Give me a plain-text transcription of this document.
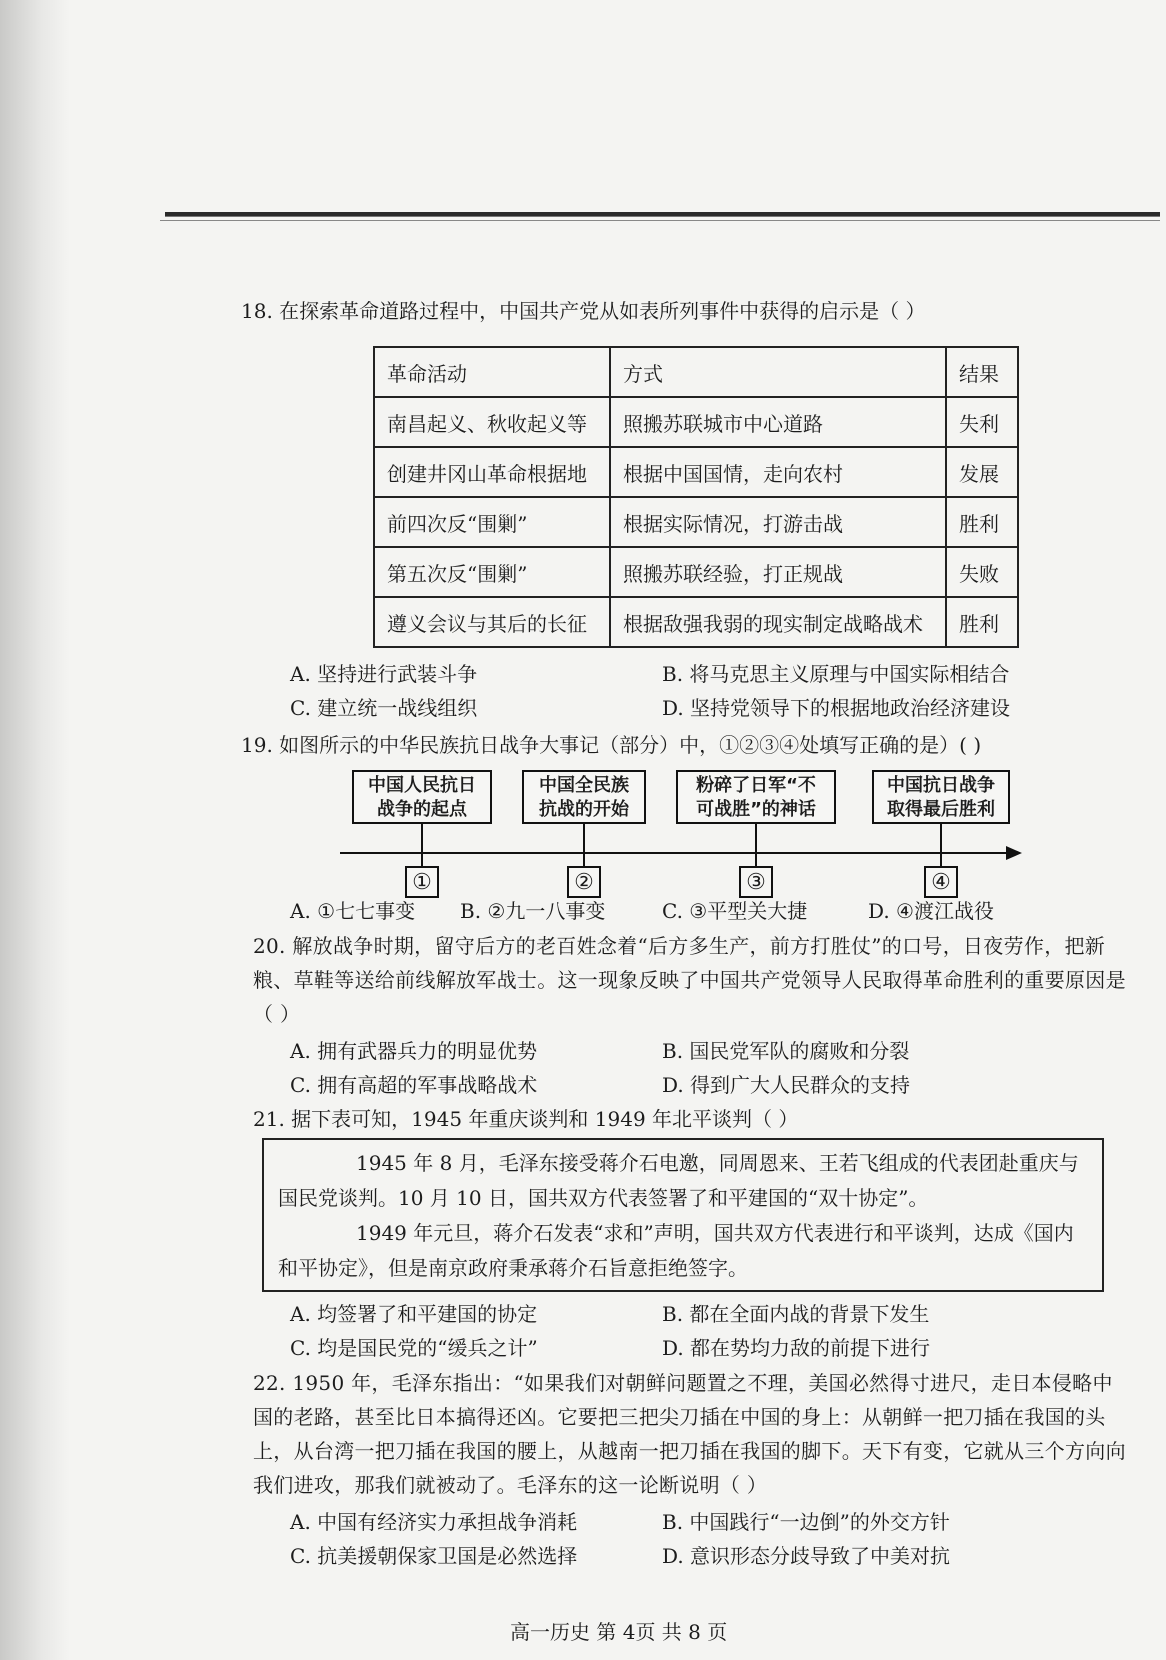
18. 在探索革命道路过程中，中国共产党从如表所列事件中获得的启示是（ ）
革命活动	方式	结果
南昌起义、秋收起义等	照搬苏联城市中心道路	失利
创建井冈山革命根据地	根据中国国情，走向农村	发展
前四次反“围剿”	根据实际情况，打游击战	胜利
第五次反“围剿”	照搬苏联经验，打正规战	失败
遵义会议与其后的长征	根据敌强我弱的现实制定战略战术	胜利
A. 坚持进行武装斗争	B. 将马克思主义原理与中国实际相结合
C. 建立统一战线组织	D. 坚持党领导下的根据地政治经济建设
19. 如图所示的中华民族抗日战争大事记（部分）中，①②③④处填写正确的是）( )
中国人民抗日
战争的起点
中国全民族
抗战的开始
粉碎了日军“不
可战胜”的神话
中国抗日战争
取得最后胜利
①	②	③	④
A. ①七七事变 B. ②九一八事变	C. ③平型关大捷	D. ④渡江战役
20. 解放战争时期，留守后方的老百姓念着“后方多生产，前方打胜仗”的口号，日夜劳作，把新粮、草鞋等送给前线解放军战士。这一现象反映了中国共产党领导人民取得革命胜利的重要原因是（ ）
A. 拥有武器兵力的明显优势	B. 国民党军队的腐败和分裂
C. 拥有高超的军事战略战术	D. 得到广大人民群众的支持
21. 据下表可知，1945 年重庆谈判和 1949 年北平谈判（ ）
1945 年 8 月，毛泽东接受蒋介石电邀，同周恩来、王若飞组成的代表团赴重庆与国民党谈判。10 月 10 日，国共双方代表签署了和平建国的“双十协定”。
1949 年元旦，蒋介石发表“求和”声明，国共双方代表进行和平谈判，达成《国内和平协定》，但是南京政府秉承蒋介石旨意拒绝签字。
A. 均签署了和平建国的协定	B. 都在全面内战的背景下发生
C. 均是国民党的“缓兵之计”	D. 都在势均力敌的前提下进行
22. 1950 年，毛泽东指出：“如果我们对朝鲜问题置之不理，美国必然得寸进尺，走日本侵略中国的老路，甚至比日本搞得还凶。它要把三把尖刀插在中国的身上：从朝鲜一把刀插在我国的头上，从台湾一把刀插在我国的腰上，从越南一把刀插在我国的脚下。天下有变，它就从三个方向向我们进攻，那我们就被动了。毛泽东的这一论断说明（ ）
A. 中国有经济实力承担战争消耗	B. 中国践行“一边倒”的外交方针
C. 抗美援朝保家卫国是必然选择	D. 意识形态分歧导致了中美对抗
高一历史 第 4页 共 8 页
